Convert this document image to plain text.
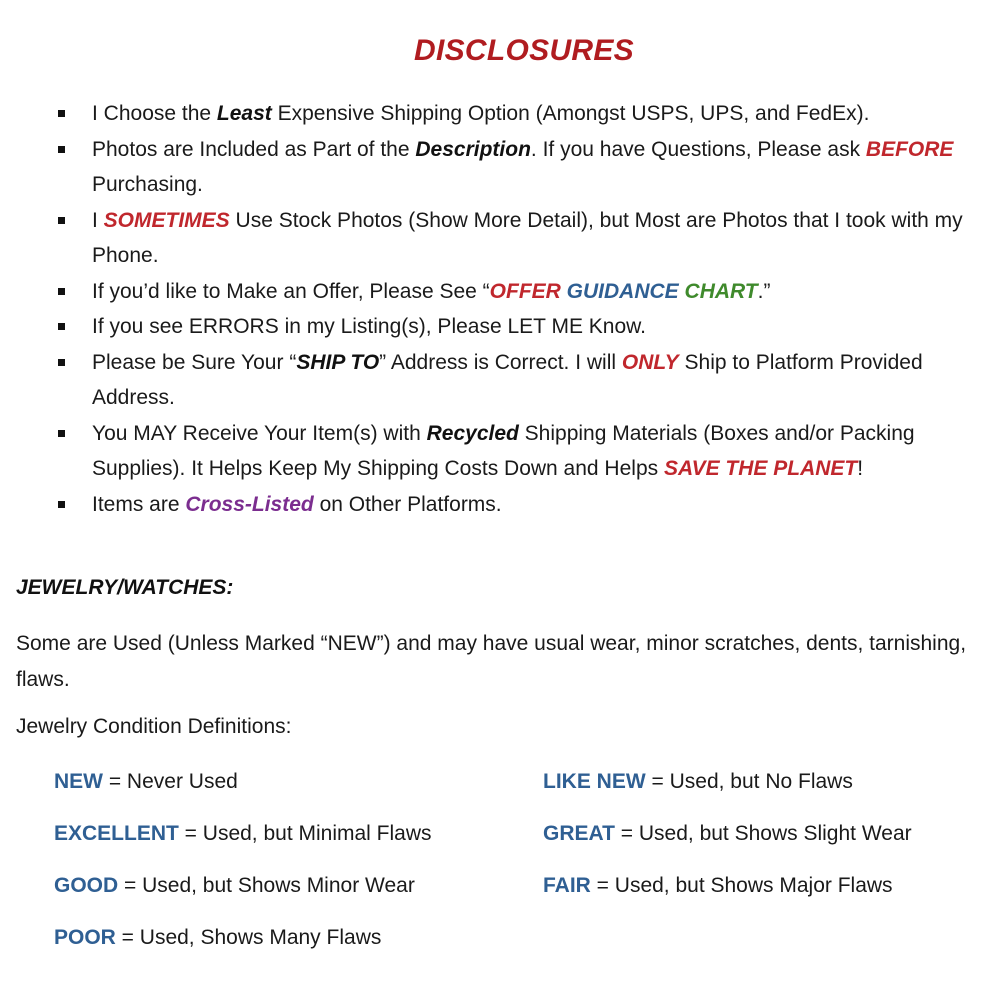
DISCLOSURES
I Choose the Least Expensive Shipping Option (Amongst USPS, UPS, and FedEx).
Photos are Included as Part of the Description. If you have Questions, Please ask BEFORE Purchasing.
I SOMETIMES Use Stock Photos (Show More Detail), but Most are Photos that I took with my Phone.
If you’d like to Make an Offer, Please See “OFFER GUIDANCE CHART.”
If you see ERRORS in my Listing(s), Please LET ME Know.
Please be Sure Your “SHIP TO” Address is Correct. I will ONLY Ship to Platform Provided Address.
You MAY Receive Your Item(s) with Recycled Shipping Materials (Boxes and/or Packing Supplies). It Helps Keep My Shipping Costs Down and Helps SAVE THE PLANET!
Items are Cross-Listed on Other Platforms.
JEWELRY/WATCHES:
Some are Used (Unless Marked “NEW”) and may have usual wear, minor scratches, dents, tarnishing, flaws.
Jewelry Condition Definitions:
NEW = Never Used	LIKE NEW = Used, but No Flaws
EXCELLENT = Used, but Minimal Flaws	GREAT = Used, but Shows Slight Wear
GOOD = Used, but Shows Minor Wear	FAIR = Used, but Shows Major Flaws
POOR = Used, Shows Many Flaws
